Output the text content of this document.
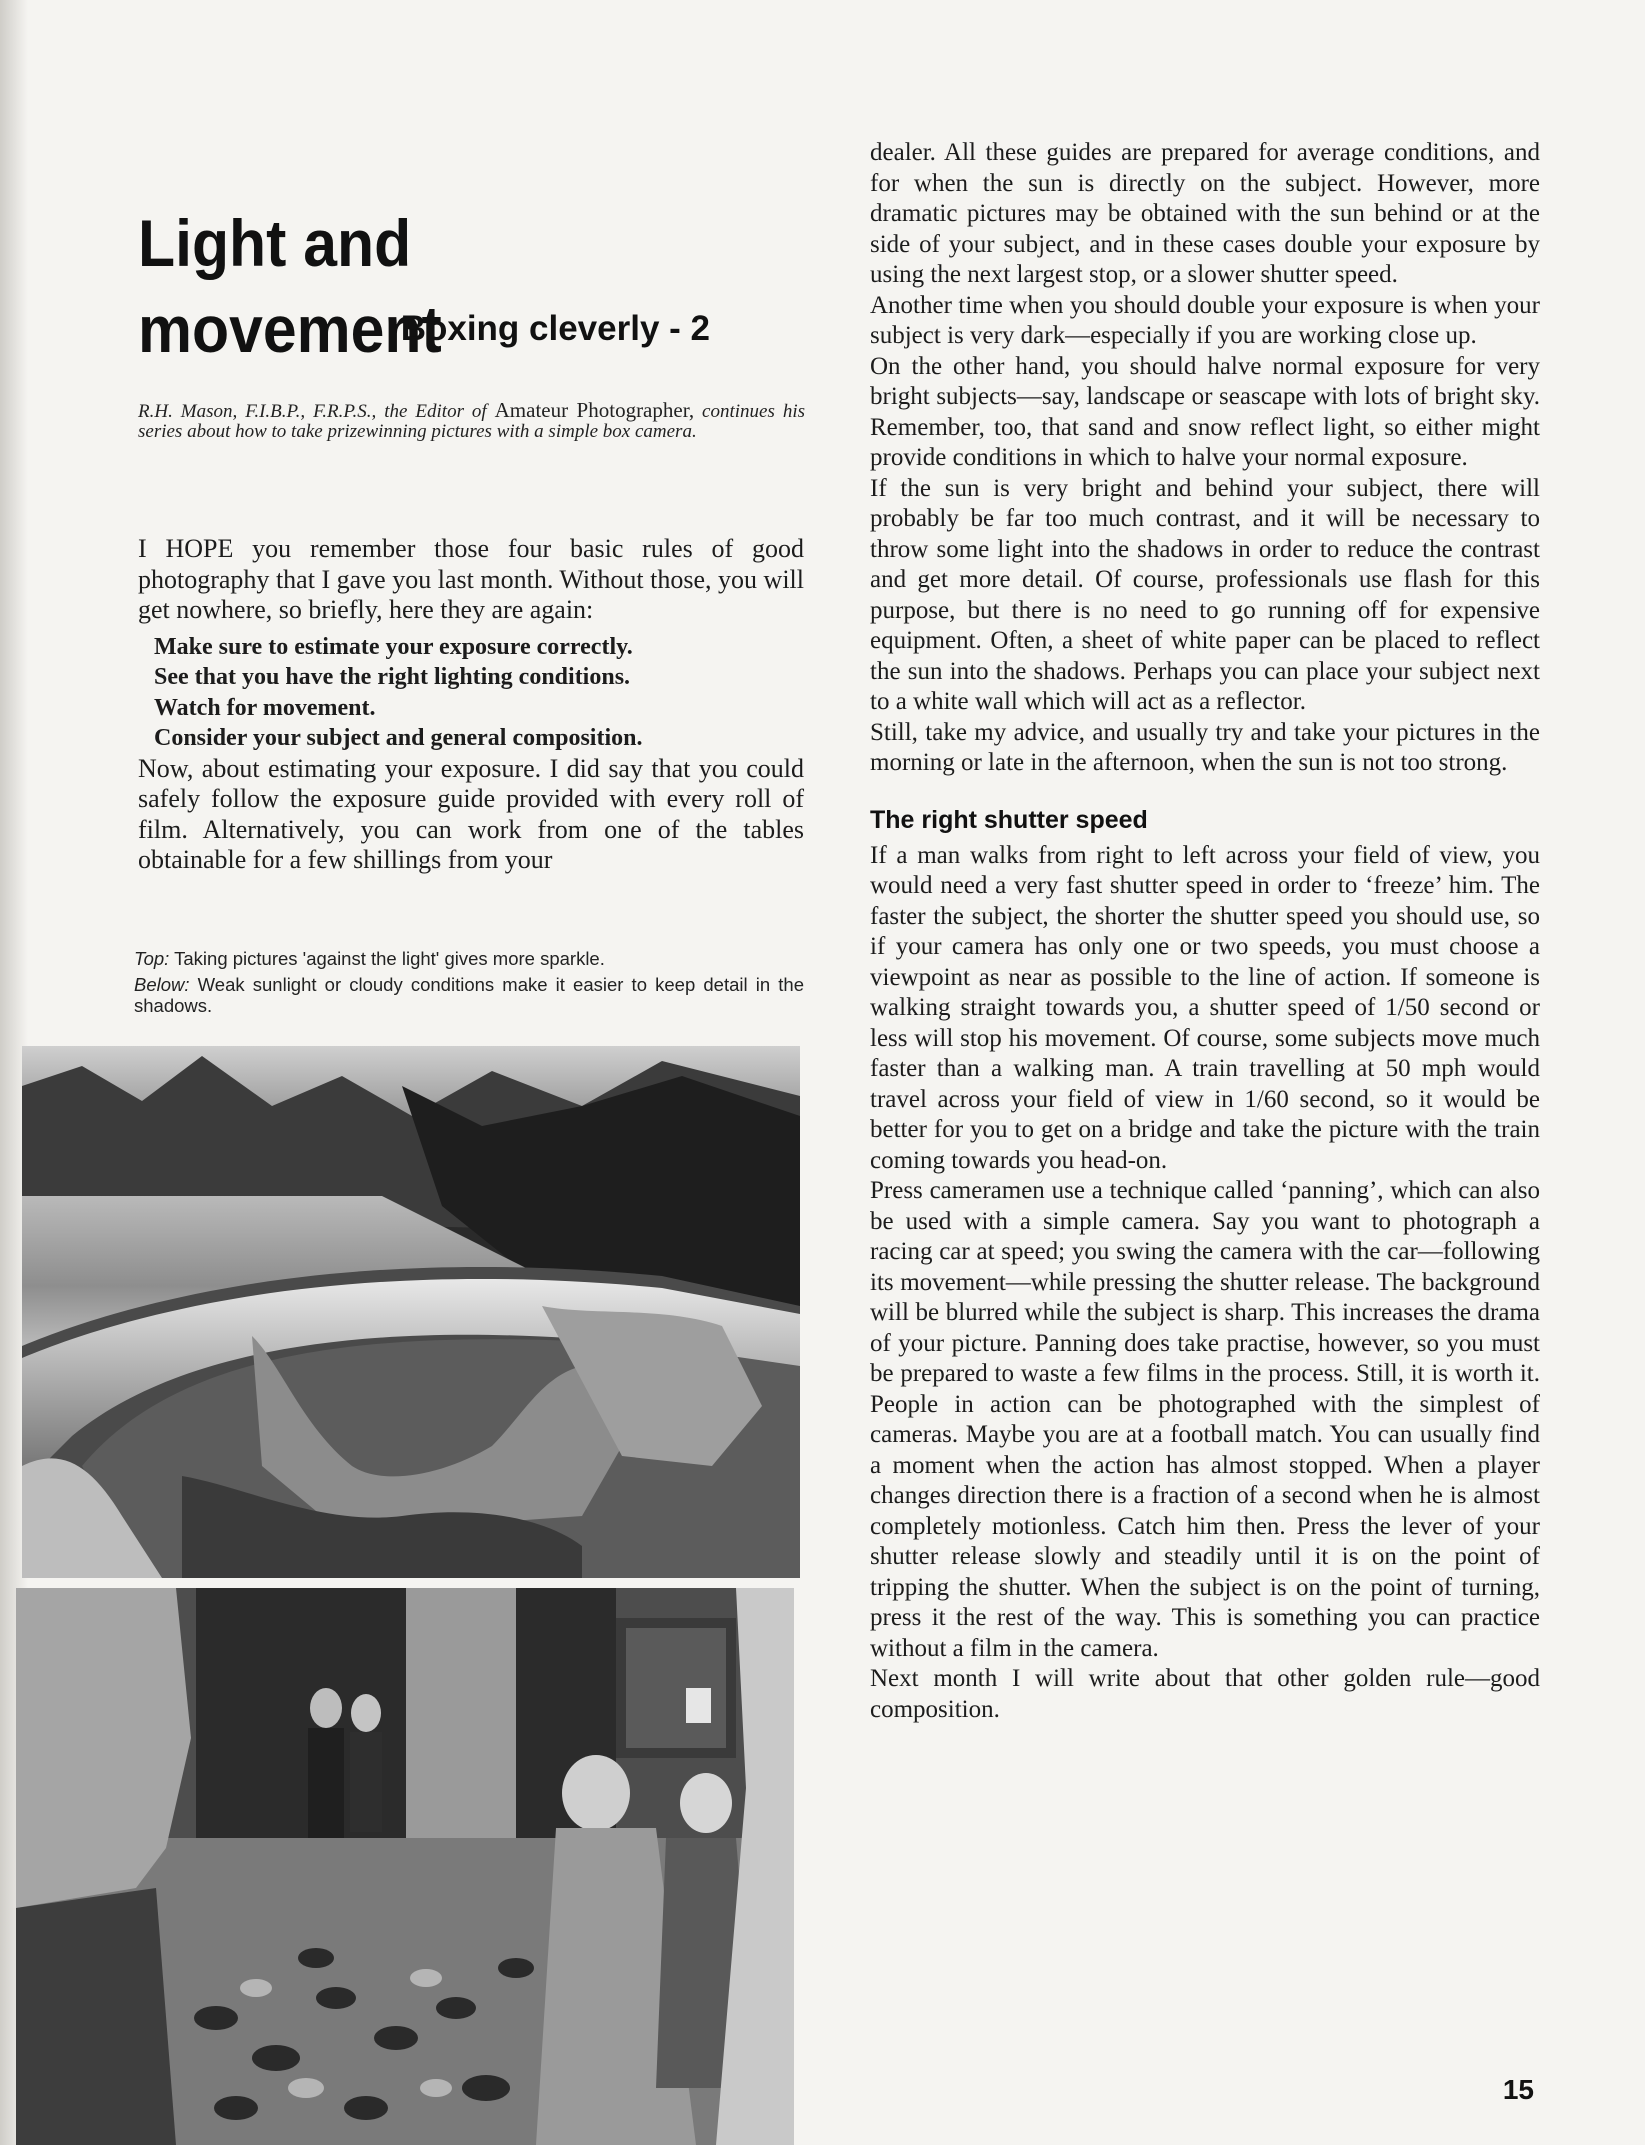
Light and movement
Boxing cleverly - 2

R.H. Mason, F.I.B.P., F.R.P.S., the Editor of Amateur Photographer, continues his series about how to take prizewinning pictures with a simple box camera.

I HOPE you remember those four basic rules of good photography that I gave you last month. Without those, you will get nowhere, so briefly, here they are again:

Make sure to estimate your exposure correctly.
See that you have the right lighting conditions.
Watch for movement.
Consider your subject and general composition.

Now, about estimating your exposure. I did say that you could safely follow the exposure guide provided with every roll of film. Alternatively, you can work from one of the tables obtainable for a few shillings from your

Top: Taking pictures 'against the light' gives more sparkle.

Below: Weak sunlight or cloudy conditions make it easier to keep detail in the shadows.

dealer. All these guides are prepared for average conditions, and for when the sun is directly on the subject. However, more dramatic pictures may be obtained with the sun behind or at the side of your subject, and in these cases double your exposure by using the next largest stop, or a slower shutter speed.

Another time when you should double your exposure is when your subject is very dark—especially if you are working close up.

On the other hand, you should halve normal exposure for very bright subjects—say, landscape or seascape with lots of bright sky. Remember, too, that sand and snow reflect light, so either might provide conditions in which to halve your normal exposure.

If the sun is very bright and behind your subject, there will probably be far too much contrast, and it will be necessary to throw some light into the shadows in order to reduce the contrast and get more detail. Of course, professionals use flash for this purpose, but there is no need to go running off for expensive equipment. Often, a sheet of white paper can be placed to reflect the sun into the shadows. Perhaps you can place your subject next to a white wall which will act as a reflector.

Still, take my advice, and usually try and take your pictures in the morning or late in the afternoon, when the sun is not too strong.

The right shutter speed

If a man walks from right to left across your field of view, you would need a very fast shutter speed in order to ‘freeze’ him. The faster the subject, the shorter the shutter speed you should use, so if your camera has only one or two speeds, you must choose a viewpoint as near as possible to the line of action. If someone is walking straight towards you, a shutter speed of 1/50 second or less will stop his movement. Of course, some subjects move much faster than a walking man. A train travelling at 50 mph would travel across your field of view in 1/60 second, so it would be better for you to get on a bridge and take the picture with the train coming towards you head-on.

Press cameramen use a technique called ‘panning’, which can also be used with a simple camera. Say you want to photograph a racing car at speed; you swing the camera with the car—following its movement—while pressing the shutter release. The background will be blurred while the subject is sharp. This increases the drama of your picture. Panning does take practise, however, so you must be prepared to waste a few films in the process. Still, it is worth it. People in action can be photographed with the simplest of cameras. Maybe you are at a football match. You can usually find a moment when the action has almost stopped. When a player changes direction there is a fraction of a second when he is almost completely motionless. Catch him then. Press the lever of your shutter release slowly and steadily until it is on the point of tripping the shutter. When the subject is on the point of turning, press it the rest of the way. This is something you can practice without a film in the camera.

Next month I will write about that other golden rule—good composition.

15
